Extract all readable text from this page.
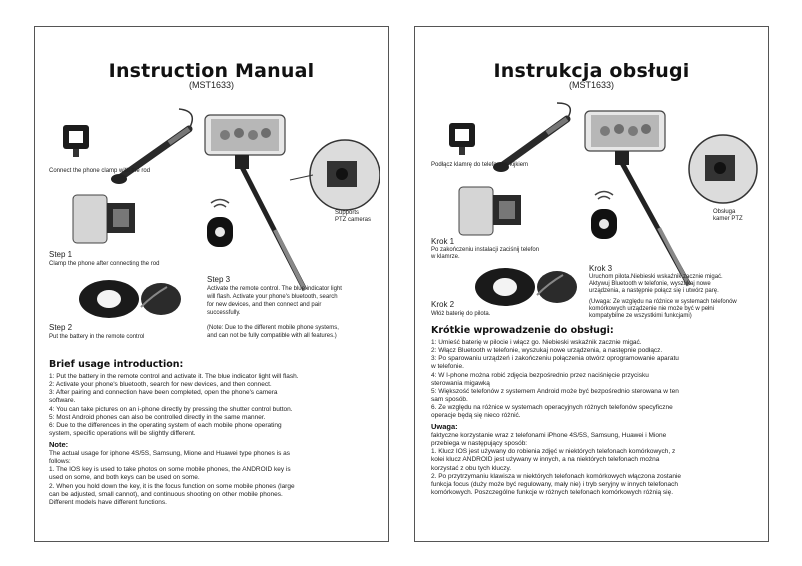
Instruction Manual
(MST1633)
Connect the phone clamp with the rod
Supports
PTZ cameras
Step 1
Clamp the phone after connecting the rod
Step 2
Put the battery in the remote control
Step 3
Activate the remote control. The blue indicator light
will flash. Activate your phone's bluetooth, search
for new devices, and then connect and pair
successfully.
(Note: Due to the different mobile phone systems,
and can not be fully compatible with all features.)
Brief usage introduction:
1: Put the battery in the remote control and activate it. The blue indicator light will flash.
2: Activate your phone's bluetooth, search for new devices, and then connect.
3: After pairing and connection have been completed, open the phone's camera
software.
4: You can take pictures on an i-phone directly by pressing the shutter control button.
5: Most Android phones can also be controlled directly in the same manner.
6: Due to the differences in the operating system of each mobile phone operating
system, specific operations will be slightly different.
Note:
The actual usage for iphone 4S/5S, Samsung, Mione and Huawei type phones is as
follows:
1. The IOS key is used to take photos on some mobile phones, the ANDROID key is
used on some, and both keys can be used on some.
2. When you hold down the key, it is the focus function on some mobile phones (large
can be adjusted, small cannot), and continuous shooting on other mobile phones.
Different models have different functions.
Instrukcja obsługi
(MST1633)
Podłącz klamrę do telefonu z kijkiem
Obsługa
kamer PTZ
Krok 1
Po zakończeniu instalacji zaciśnij telefon
w klamrze.
Krok 2
Włóż baterię do pilota.
Krok 3
Uruchom pilota.Niebieski wskaźnik zacznie migać.
Aktywuj Bluetooth w telefonie, wyszukaj nowe
urządzenia, a następnie połącz się i utwórz parę.
(Uwaga: Ze względu na różnice w systemach telefonów
komórkowych urządzenie nie może być w pełni
kompatybilne ze wszystkimi funkcjami)
Krótkie wprowadzenie do obsługi:
1: Umieść baterię w pilocie i włącz go. Niebieski wskaźnik zacznie migać.
2: Włącz Bluetooth w telefonie, wyszukaj nowe urządzenia, a następnie podłącz.
3: Po sparowaniu urządzeń i zakończeniu połączenia otwórz oprogramowanie aparatu
w telefonie.
4: W I-phone można robić zdjęcia bezpośrednio przez naciśnięcie przycisku
sterowania migawką
5: Większość telefonów z systemem Android może być bezpośrednio sterowana w ten
sam sposób.
6. Ze względu na różnice w systemach operacyjnych różnych telefonów specyficzne
operacje będą się nieco różnić.
Uwaga:
faktyczne korzystanie wraz z telefonami iPhone 4S/5S, Samsung, Huawei i Mione
przebiega w następujący sposób:
1. Klucz IOS jest używany do robienia zdjęć w niektórych telefonach komórkowych, z
kolei klucz ANDROID jest używany w innych, a na niektórych telefonach można
korzystać z obu tych kluczy.
2. Po przytrzymaniu klawisza w niektórych telefonach komórkowych włączona zostanie
funkcja focus (duży może być regulowany, mały nie) i tryb seryjny w innych telefonach
komórkowych. Poszczególne funkcje w różnych telefonach komórkowych różnią się.
